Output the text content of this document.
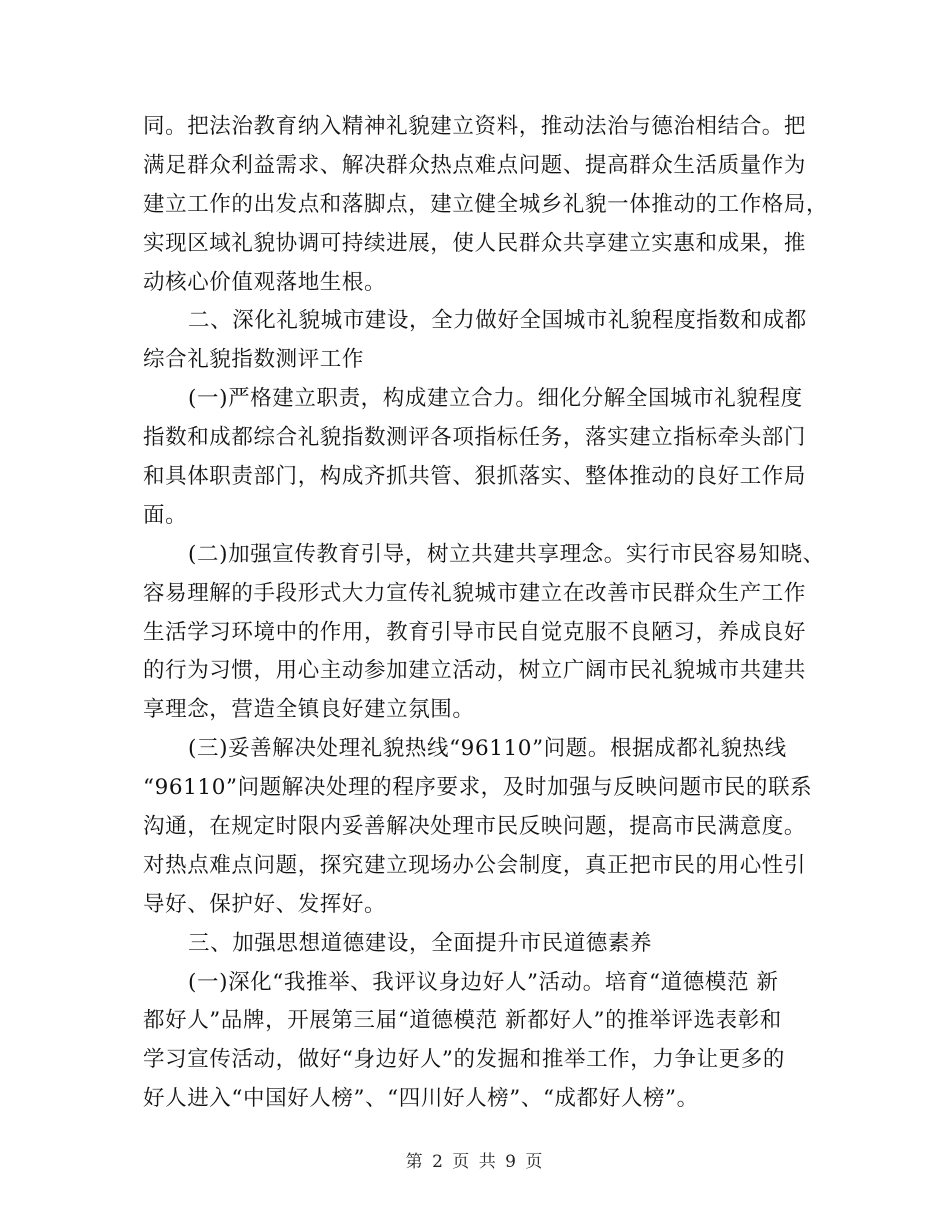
同。把法治教育纳入精神礼貌建立资料，推动法治与德治相结合。把
满足群众利益需求、解决群众热点难点问题、提高群众生活质量作为
建立工作的出发点和落脚点，建立健全城乡礼貌一体推动的工作格局，
实现区域礼貌协调可持续进展，使人民群众共享建立实惠和成果，推
动核心价值观落地生根。
二、深化礼貌城市建设，全力做好全国城市礼貌程度指数和成都
综合礼貌指数测评工作
(一)严格建立职责，构成建立合力。细化分解全国城市礼貌程度
指数和成都综合礼貌指数测评各项指标任务，落实建立指标牵头部门
和具体职责部门，构成齐抓共管、狠抓落实、整体推动的良好工作局
面。
(二)加强宣传教育引导，树立共建共享理念。实行市民容易知晓、
容易理解的手段形式大力宣传礼貌城市建立在改善市民群众生产工作
生活学习环境中的作用，教育引导市民自觉克服不良陋习，养成良好
的行为习惯，用心主动参加建立活动，树立广阔市民礼貌城市共建共
享理念，营造全镇良好建立氛围。
(三)妥善解决处理礼貌热线“96110”问题。根据成都礼貌热线
“96110”问题解决处理的程序要求，及时加强与反映问题市民的联系
沟通，在规定时限内妥善解决处理市民反映问题，提高市民满意度。
对热点难点问题，探究建立现场办公会制度，真正把市民的用心性引
导好、保护好、发挥好。
三、加强思想道德建设，全面提升市民道德素养
(一)深化“我推举、我评议身边好人”活动。培育“道德模范 新
都好人”品牌，开展第三届“道德模范 新都好人”的推举评选表彰和
学习宣传活动，做好“身边好人”的发掘和推举工作，力争让更多的
好人进入“中国好人榜”、“四川好人榜”、“成都好人榜”。
第 2 页 共 9 页
